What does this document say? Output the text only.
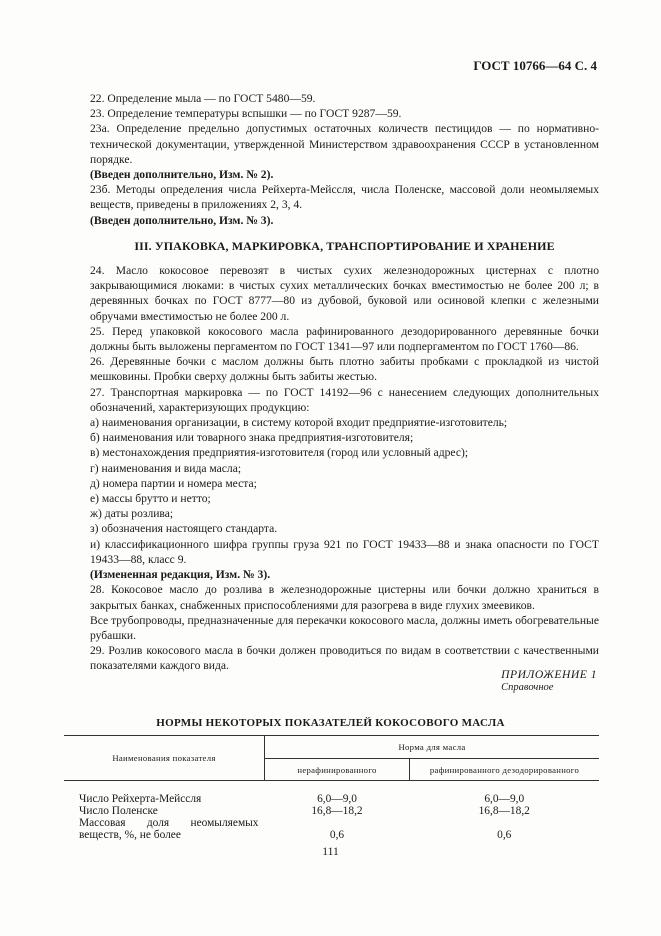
ГОСТ 10766—64 С. 4

22. Определение мыла — по ГОСТ 5480—59.

23. Определение температуры вспышки — по ГОСТ 9287—59.

23а. Определение предельно допустимых остаточных количеств пестицидов — по нормативно-технической документации, утвержденной Министерством здравоохранения СССР в установленном порядке.

(Введен дополнительно, Изм. № 2).

23б. Методы определения числа Рейхерта-Мейссля, числа Поленске, массовой доли неомыляемых веществ, приведены в приложениях 2, 3, 4.

(Введен дополнительно, Изм. № 3).

III. УПАКОВКА, МАРКИРОВКА, ТРАНСПОРТИРОВАНИЕ И ХРАНЕНИЕ

24. Масло кокосовое перевозят в чистых сухих железнодорожных цистернах с плотно закрывающимися люками: в чистых сухих металлических бочках вместимостью не более 200 л; в деревянных бочках по ГОСТ 8777—80 из дубовой, буковой или осиновой клепки с железными обручами вместимостью не более 200 л.

25. Перед упаковкой кокосового масла рафинированного дезодорированного деревянные бочки должны быть выложены пергаментом по ГОСТ 1341—97 или подпергаментом по ГОСТ 1760—86.

26. Деревянные бочки с маслом должны быть плотно забиты пробками с прокладкой из чистой мешковины. Пробки сверху должны быть забиты жестью.

27. Транспортная маркировка — по ГОСТ 14192—96 с нанесением следующих дополнительных обозначений, характеризующих продукцию:

а) наименования организации, в систему которой входит предприятие-изготовитель;
б) наименования или товарного знака предприятия-изготовителя;
в) местонахождения предприятия-изготовителя (город или условный адрес);
г) наименования и вида масла;
д) номера партии и номера места;
е) массы брутто и нетто;
ж) даты розлива;
з) обозначения настоящего стандарта.
и) классификационного шифра группы груза 921 по ГОСТ 19433—88 и знака опасности по ГОСТ 19433—88, класс 9.

(Измененная редакция, Изм. № 3).

28. Кокосовое масло до розлива в железнодорожные цистерны или бочки должно храниться в закрытых банках, снабженных приспособлениями для разогрева в виде глухих змеевиков.

Все трубопроводы, предназначенные для перекачки кокосового масла, должны иметь обогревательные рубашки.

29. Розлив кокосового масла в бочки должен проводиться по видам в соответствии с качественными показателями каждого вида.

ПРИЛОЖЕНИЕ 1
Справочное
НОРМЫ НЕКОТОРЫХ ПОКАЗАТЕЛЕЙ КОКОСОВОГО МАСЛА
Наименования показателя	Норма для масла	
	нерафинированного	рафинированного дезодорированного

Число Рейхерта-Мейссля	6,0—9,0	6,0—9,0
Число Поленске	16,8—18,2	16,8—18,2
Массовая доля неомыляемых веществ, %, не более	0,6	0,6
111
